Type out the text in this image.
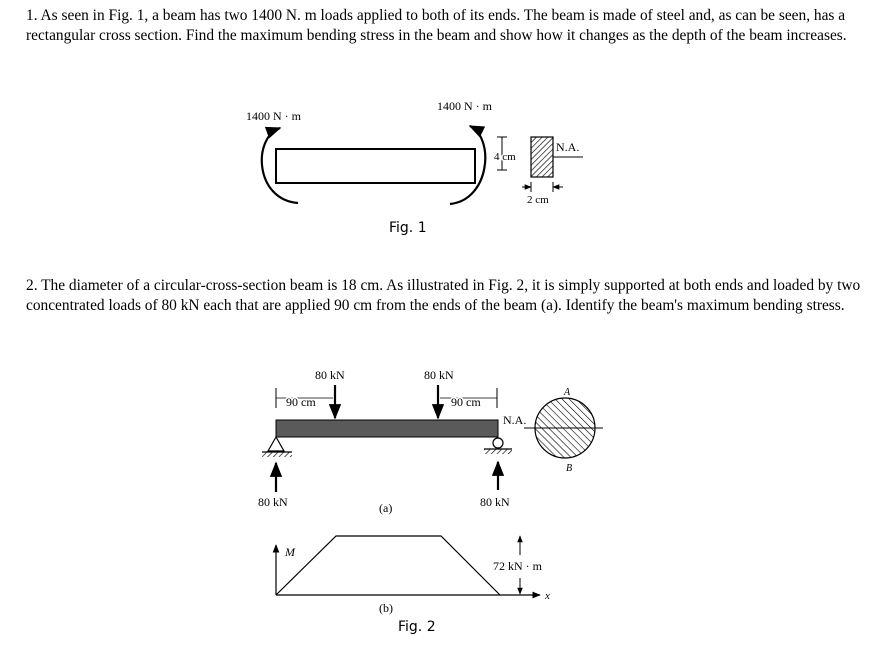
1. As seen in Fig. 1, a beam has two 1400 N. m loads applied to both of its ends. The beam is made of steel and, as can be seen, has a rectangular cross section. Find the maximum bending stress in the beam and show how it changes as the depth of the beam increases.

1400 N · m
1400 N · m
N.A.
4 cm
2 cm
80 kN	80 kN
90 cm	90 cm
80 kN	80 kN
(a)
N.A.
A
B
M
x
72 kN · m
(b)
Fig. 1

2. The diameter of a circular-cross-section beam is 18 cm. As illustrated in Fig. 2, it is simply supported at both ends and loaded by two concentrated loads of 80 kN each that are applied 90 cm from the ends of the beam (a). Identify the beam's maximum bending stress.

Fig. 2
